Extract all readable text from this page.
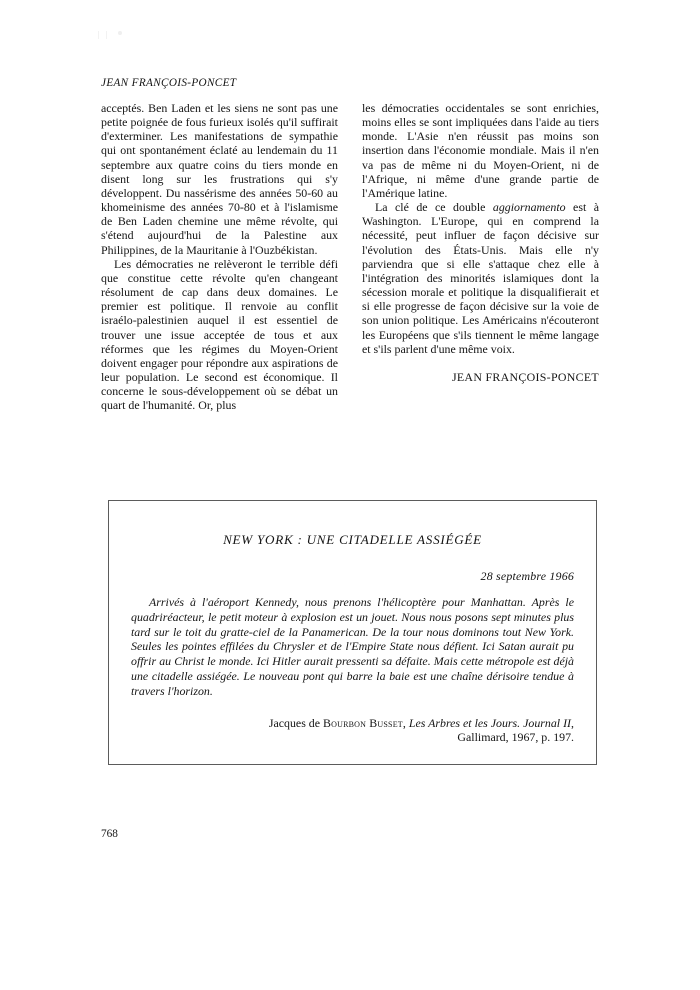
JEAN FRANÇOIS-PONCET

acceptés. Ben Laden et les siens ne sont pas une petite poignée de fous furieux isolés qu'il suffirait d'exterminer. Les manifestations de sympathie qui ont spontanément éclaté au lendemain du 11 septembre aux quatre coins du tiers monde en disent long sur les frustrations qui s'y développent. Du nassérisme des années 50-60 au khomeinisme des années 70-80 et à l'islamisme de Ben Laden chemine une même révolte, qui s'étend aujourd'hui de la Palestine aux Philippines, de la Mauritanie à l'Ouzbékistan.

Les démocraties ne relèveront le terrible défi que constitue cette révolte qu'en changeant résolument de cap dans deux domaines. Le premier est politique. Il renvoie au conflit israélo-palestinien auquel il est essentiel de trouver une issue acceptée de tous et aux réformes que les régimes du Moyen-Orient doivent engager pour répondre aux aspirations de leur population. Le second est économique. Il concerne le sous-développement où se débat un quart de l'humanité. Or, plus

les démocraties occidentales se sont enrichies, moins elles se sont impliquées dans l'aide au tiers monde. L'Asie n'en réussit pas moins son insertion dans l'économie mondiale. Mais il n'en va pas de même ni du Moyen-Orient, ni de l'Afrique, ni même d'une grande partie de l'Amérique latine.

La clé de ce double aggiornamento est à Washington. L'Europe, qui en comprend la nécessité, peut influer de façon décisive sur l'évolution des États-Unis. Mais elle n'y parviendra que si elle s'attaque chez elle à l'intégration des minorités islamiques dont la sécession morale et politique la disqualifierait et si elle progresse de façon décisive sur la voie de son union politique. Les Américains n'écouteront les Européens que s'ils tiennent le même langage et s'ils parlent d'une même voix.

JEAN FRANÇOIS-PONCET
NEW YORK : UNE CITADELLE ASSIÉGÉE
28 septembre 1966
Arrivés à l'aéroport Kennedy, nous prenons l'hélicoptère pour Manhattan. Après le quadriréacteur, le petit moteur à explosion est un jouet. Nous nous posons sept minutes plus tard sur le toit du gratte-ciel de la Panamerican. De la tour nous dominons tout New York. Seules les pointes effilées du Chrysler et de l'Empire State nous défient. Ici Satan aurait pu offrir au Christ le monde. Ici Hitler aurait pressenti sa défaite. Mais cette métropole est déjà une citadelle assiégée. Le nouveau pont qui barre la baie est une chaîne dérisoire tendue à travers l'horizon.
Jacques de Bourbon Busset, Les Arbres et les Jours. Journal II,
Gallimard, 1967, p. 197.
768
